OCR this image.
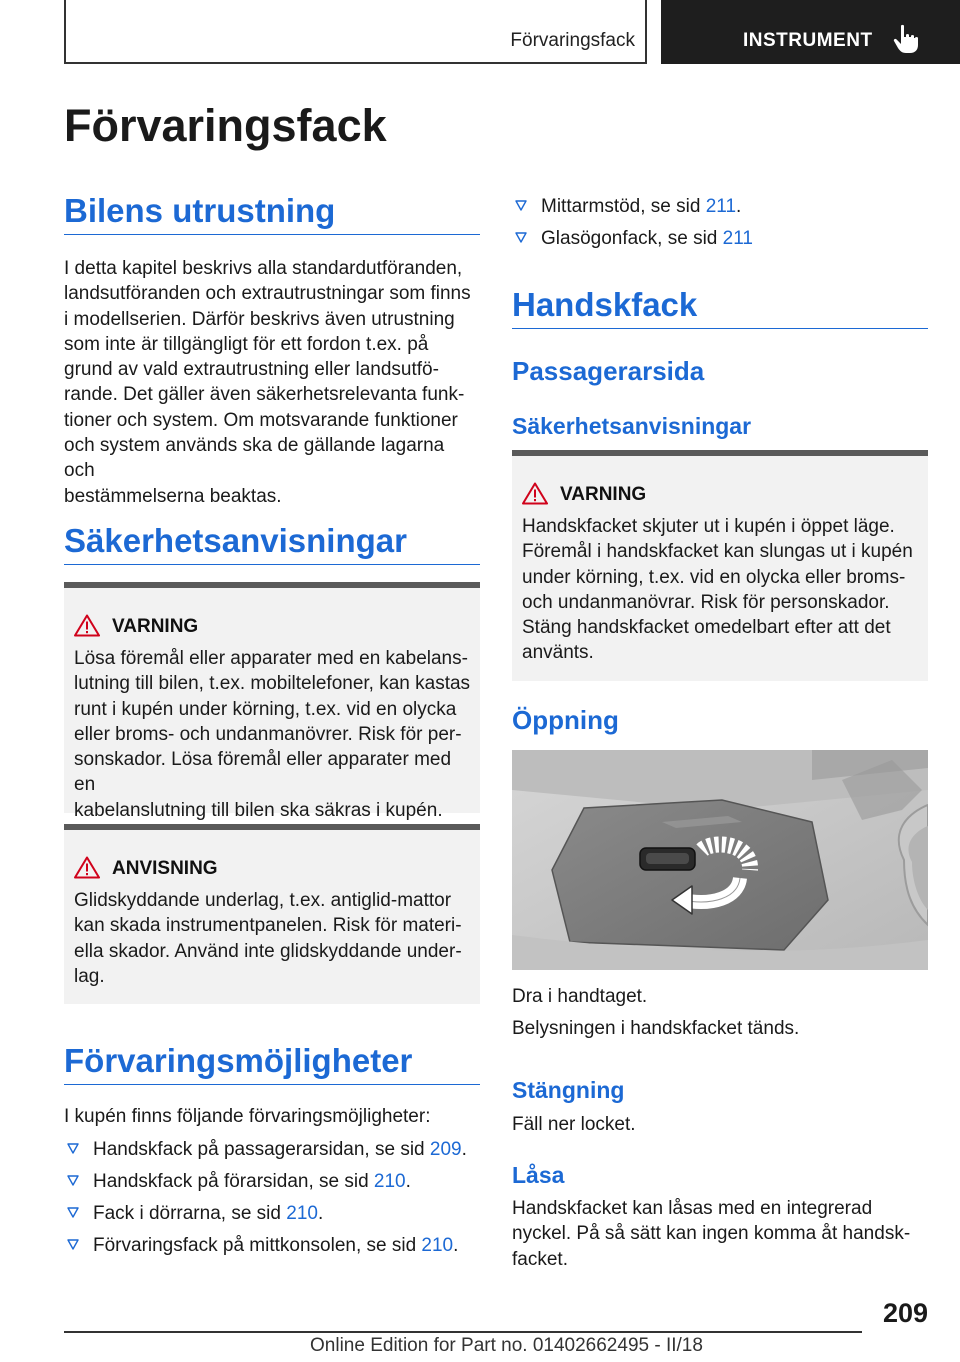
Förvaringsfack	INSTRUMENT
Förvaringsfack
Bilens utrustning

I detta kapitel beskrivs alla standardutföranden,
landsutföranden och extrautrustningar som finns
i modellserien. Därför beskrivs även utrustning
som inte är tillgängligt för ett fordon t.ex. på
grund av vald extrautrustning eller landsutfö-
rande. Det gäller även säkerhetsrelevanta funk-
tioner och system. Om motsvarande funktioner
och system används ska de gällande lagarna och
bestämmelserna beaktas.

Säkerhetsanvisningar
VARNING

Lösa föremål eller apparater med en kabelans-
lutning till bilen, t.ex. mobiltelefoner, kan kastas
runt i kupén under körning, t.ex. vid en olycka
eller broms- och undanmanövrer. Risk för per-
sonskador. Lösa föremål eller apparater med en
kabelanslutning till bilen ska säkras i kupén.

ANVISNING

Glidskyddande underlag, t.ex. antiglid-mattor
kan skada instrumentpanelen. Risk för materi-
ella skador. Använd inte glidskyddande under-
lag.

Förvaringsmöjligheter

I kupén finns följande förvaringsmöjligheter:

Handskfack på passagerarsidan, se sid 209.
Handskfack på förarsidan, se sid 210.
Fack i dörrarna, se sid 210.
Förvaringsfack på mittkonsolen, se sid 210.
Mittarmstöd, se sid 211.
Glasögonfack, se sid 211
Handskfack
Passagerarsida
Säkerhetsanvisningar
VARNING

Handskfacket skjuter ut i kupén i öppet läge.
Föremål i handskfacket kan slungas ut i kupén
under körning, t.ex. vid en olycka eller broms-
och undanmanövrar. Risk för personskador.
Stäng handskfacket omedelbart efter att det
använts.

Öppning

Dra i handtaget.

Belysningen i handskfacket tänds.

Stängning

Fäll ner locket.

Låsa

Handskfacket kan låsas med en integrerad
nyckel. På så sätt kan ingen komma åt handsk-
facket.

209
Online Edition for Part no. 01402662495 - II/18
